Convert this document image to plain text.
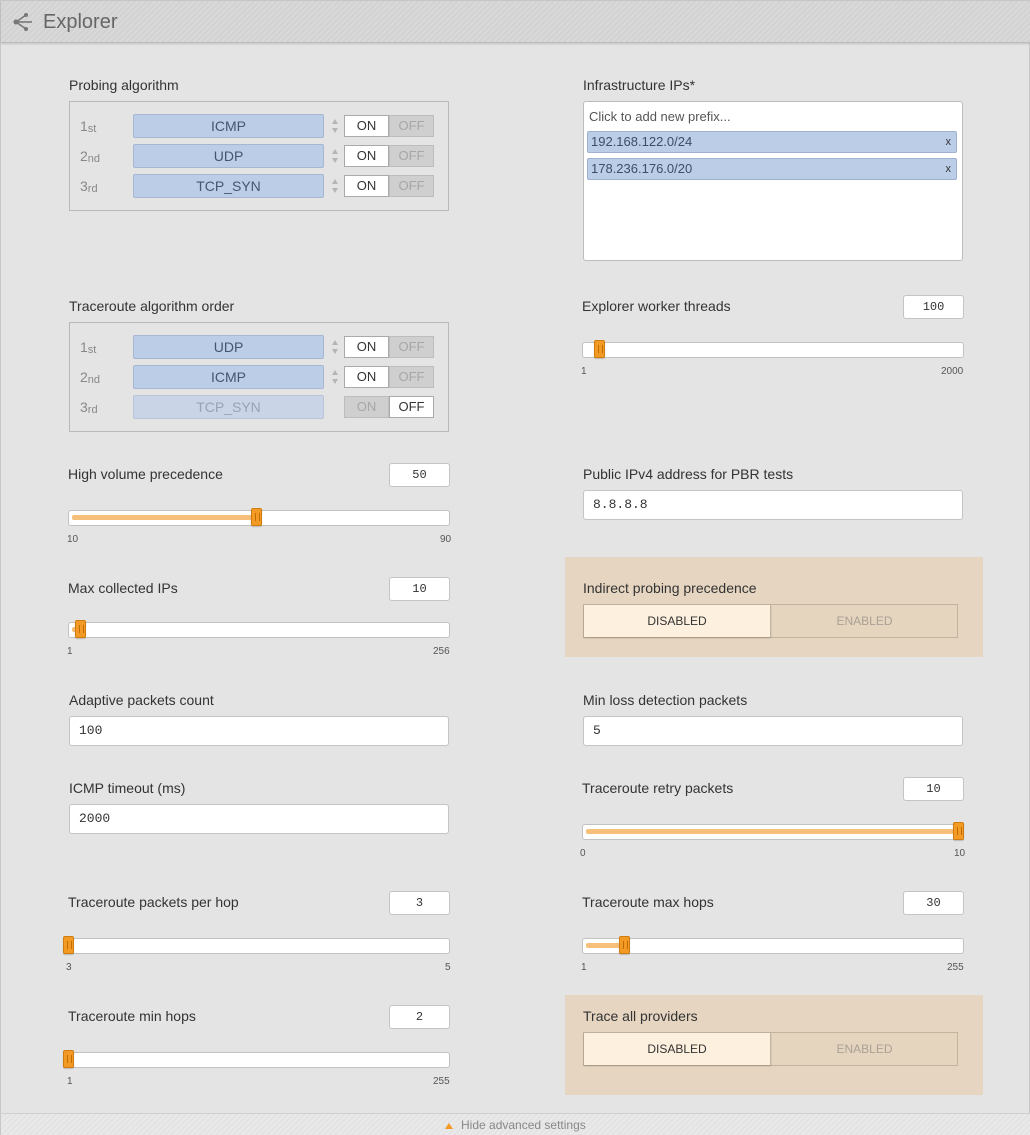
Explorer
Probing algorithm
1st	ICMP	ON	OFF
2nd	UDP	ON	OFF
3rd	TCP_SYN	ON	OFF
Infrastructure IPs*
Click to add new prefix...
192.168.122.0/24	x
178.236.176.0/20	x
Traceroute algorithm order
1st	UDP	ON	OFF
2nd	ICMP	ON	OFF
3rd	TCP_SYN	ON	OFF
Explorer worker threads	100
1	2000
High volume precedence	50
10	90
Public IPv4 address for PBR tests
8.8.8.8
Max collected IPs	10
1	256
Indirect probing precedence
DISABLED	ENABLED
Adaptive packets count
100
Min loss detection packets
5
ICMP timeout (ms)
2000
Traceroute retry packets	10
0	10
Traceroute packets per hop	3
3	5
Traceroute max hops	30
1	255
Traceroute min hops	2
1	255
Trace all providers
DISABLED	ENABLED
Hide advanced settings
